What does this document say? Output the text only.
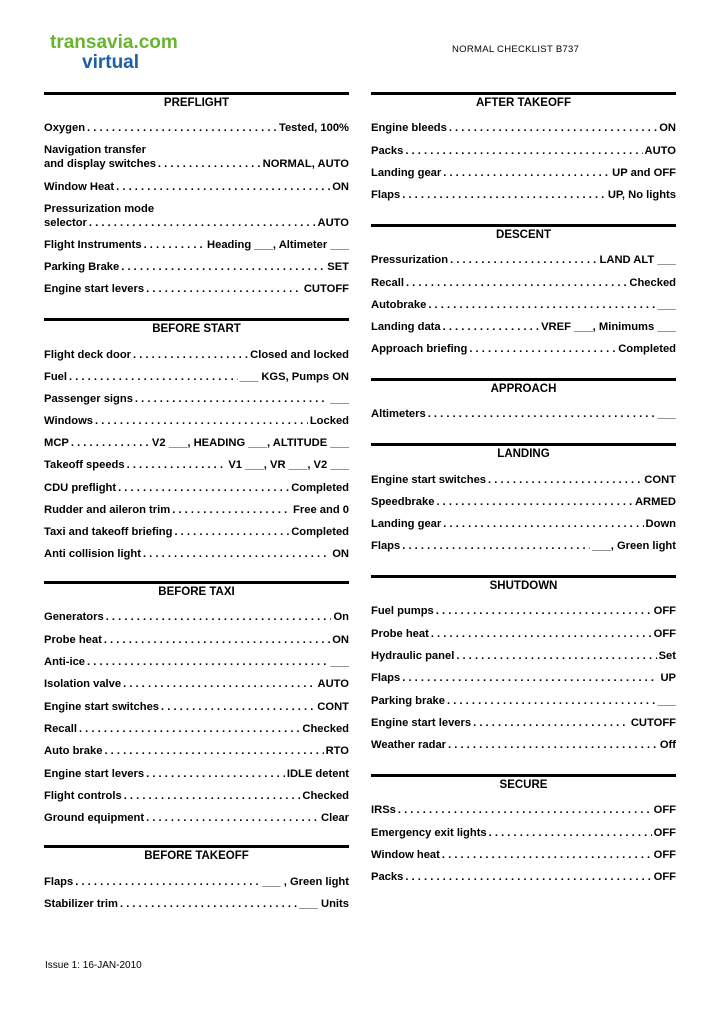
transavia.com
virtual
NORMAL CHECKLIST B737
PREFLIGHT
Oxygen . . .	Tested, 100%
Navigation transfer
and display switches . . .	NORMAL, AUTO
Window Heat . . .	ON
Pressurization mode
selector . . .	AUTO
Flight Instruments . . .	Heading ___, Altimeter ___
Parking Brake . . .	SET
Engine start levers . . .	CUTOFF
BEFORE START
Flight deck door . . .	Closed and locked
Fuel . . .	___ KGS, Pumps ON
Passenger signs . . .	___
Windows . . .	Locked
MCP . . .	V2 ___, HEADING ___, ALTITUDE ___
Takeoff speeds . . .	V1 ___, VR ___, V2 ___
CDU preflight . . .	Completed
Rudder and aileron trim . . .	Free and 0
Taxi and takeoff briefing . . .	Completed
Anti collision light . . .	ON
BEFORE TAXI
Generators . . .	On
Probe heat . . .	ON
Anti-ice . . .	___
Isolation valve . . .	AUTO
Engine start switches . . .	CONT
Recall . . .	Checked
Auto brake . . .	RTO
Engine start levers . . .	IDLE detent
Flight controls . . .	Checked
Ground equipment . . .	Clear
BEFORE TAKEOFF
Flaps . . .	___ , Green light
Stabilizer trim . . .	___ Units
AFTER TAKEOFF
Engine bleeds . . .	ON
Packs . . .	AUTO
Landing gear . . .	UP and OFF
Flaps . . .	UP, No lights
DESCENT
Pressurization . . .	LAND ALT ___
Recall . . .	Checked
Autobrake . . .	___
Landing data . . .	VREF ___, Minimums ___
Approach briefing . . .	Completed
APPROACH
Altimeters . . .	___
LANDING
Engine start switches . . .	CONT
Speedbrake . . .	ARMED
Landing gear . . .	Down
Flaps . . .	___, Green light
SHUTDOWN
Fuel pumps . . .	OFF
Probe heat . . .	OFF
Hydraulic panel . . .	Set
Flaps . . .	UP
Parking brake . . .	___
Engine start levers . . .	CUTOFF
Weather radar . . .	Off
SECURE
IRSs . . .	OFF
Emergency exit lights . . .	OFF
Window heat . . .	OFF
Packs . . .	OFF
Issue 1: 16-JAN-2010
